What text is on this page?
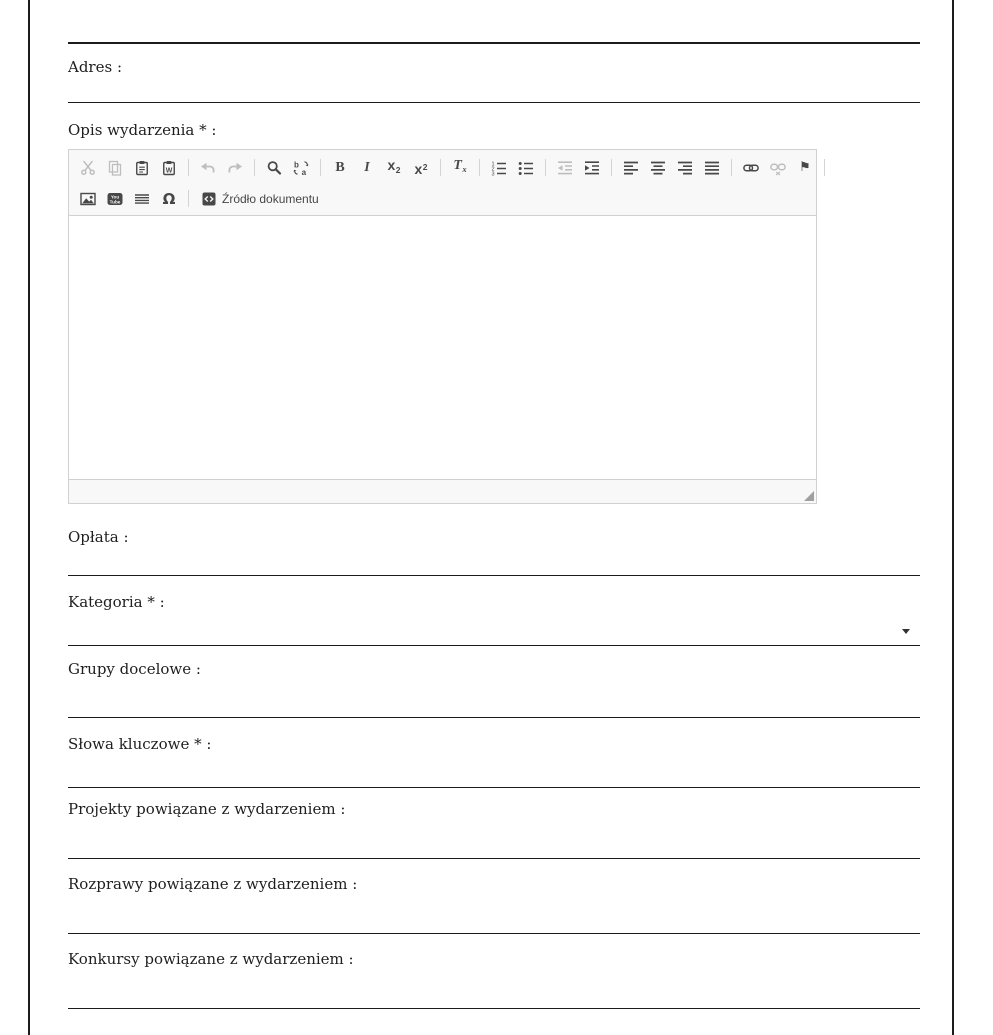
Adres :
Opis wydarzenia * :
B I $x_2$ $x^2$ $T_x$	⚑
Ω	Źródło dokumentu
Opłata :
Kategoria * :
Grupy docelowe :
Słowa kluczowe * :
Projekty powiązane z wydarzeniem :
Rozprawy powiązane z wydarzeniem :
Konkursy powiązane z wydarzeniem :
